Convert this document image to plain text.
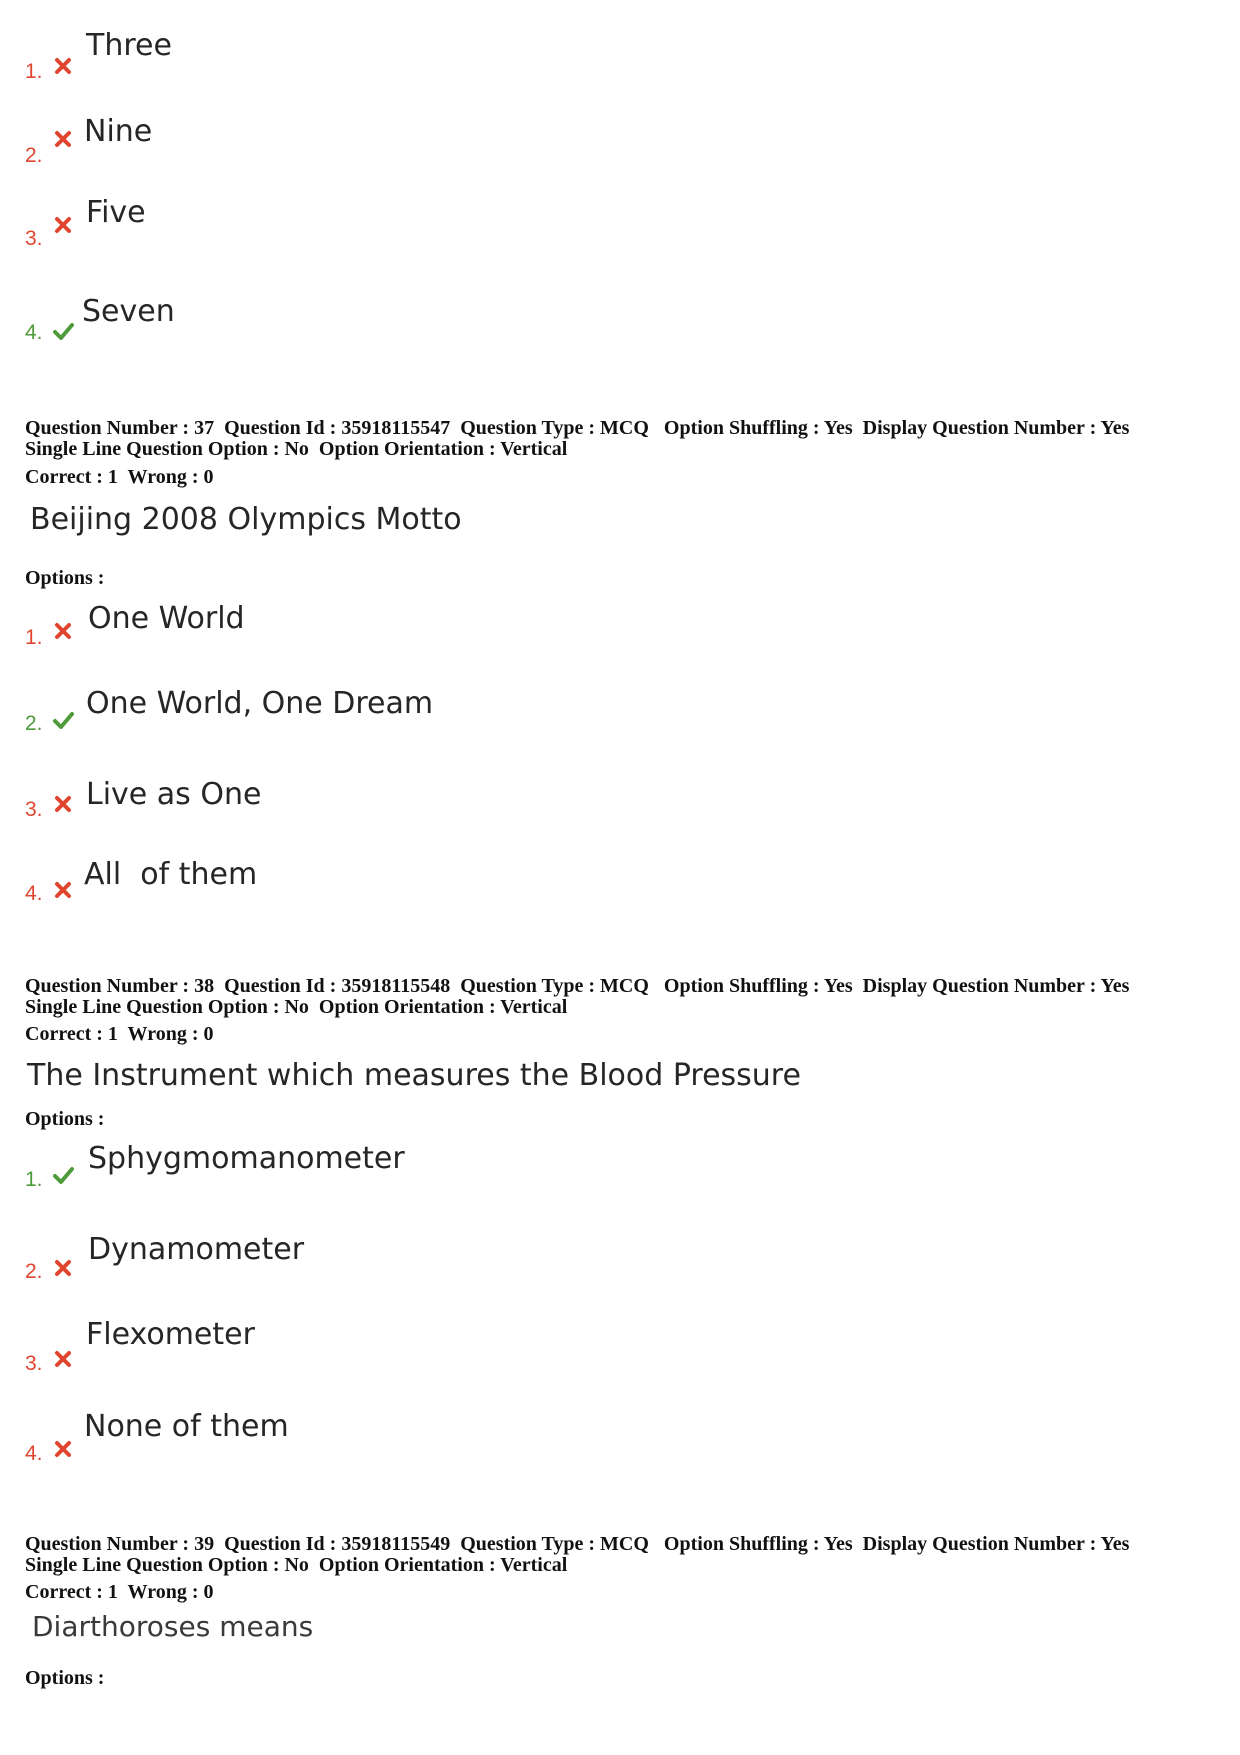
1.
Three
2.
Nine
3.
Five
4.
Seven
Question Number : 37  Question Id : 35918115547  Question Type : MCQ   Option Shuffling : Yes  Display Question Number : Yes
Single Line Question Option : No  Option Orientation : Vertical
Correct : 1  Wrong : 0
Beijing 2008 Olympics Motto
Options :
1.
One World
2.
One World, One Dream
3. Live as One
4.
All  of them
Question Number : 38  Question Id : 35918115548  Question Type : MCQ   Option Shuffling : Yes  Display Question Number : Yes
Single Line Question Option : No  Option Orientation : Vertical
Correct : 1  Wrong : 0
The Instrument which measures the Blood Pressure
Options :
1.
Sphygmomanometer
2.
Dynamometer
3.
Flexometer
4.
None of them
Question Number : 39  Question Id : 35918115549  Question Type : MCQ   Option Shuffling : Yes  Display Question Number : Yes
Single Line Question Option : No  Option Orientation : Vertical
Correct : 1  Wrong : 0
Diarthoroses means
Options :
